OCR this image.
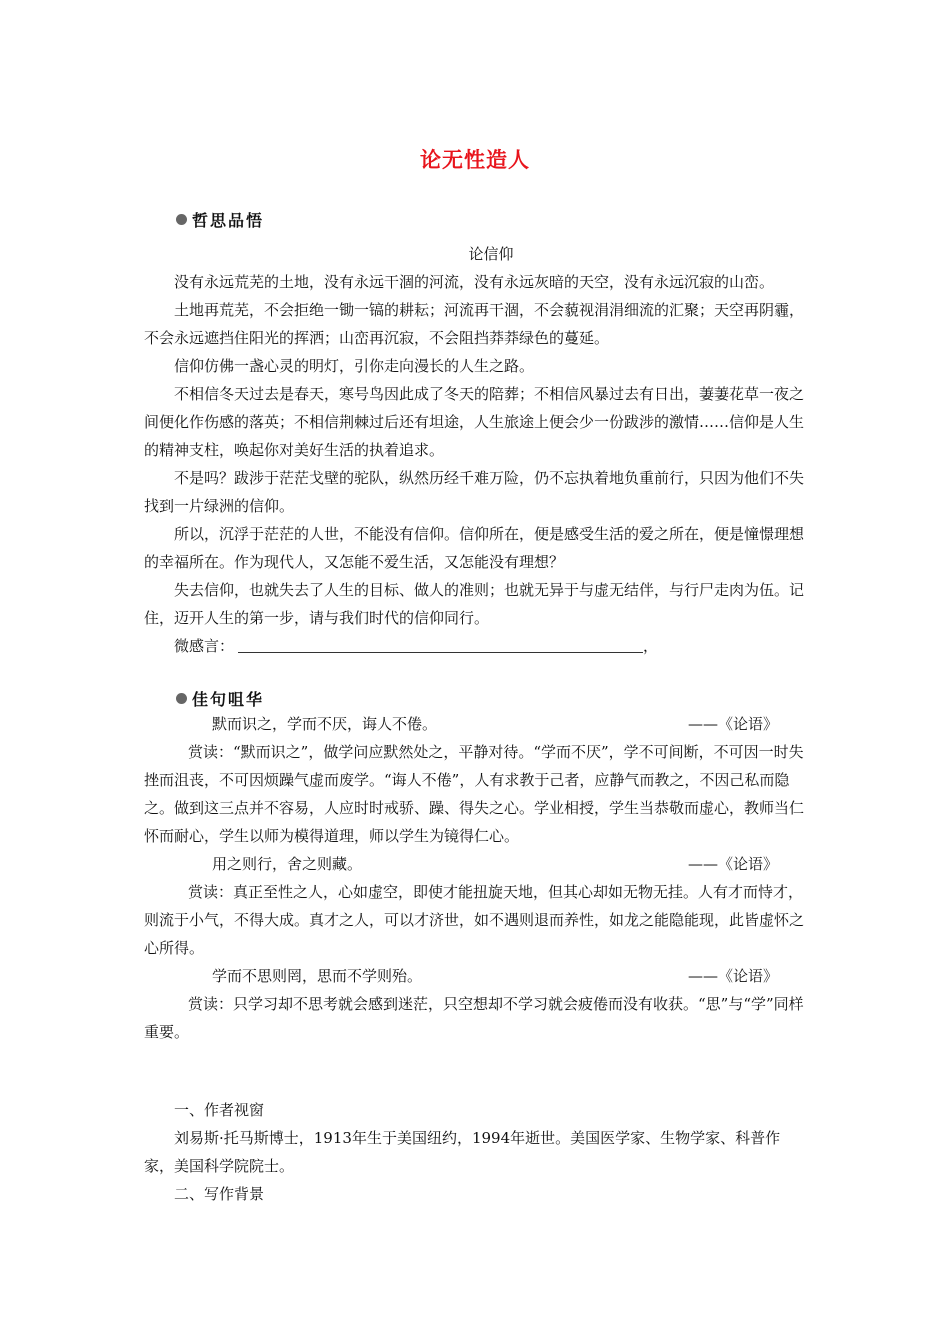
论无性造人
哲思品悟

论信仰

没有永远荒芜的土地，没有永远干涸的河流，没有永远灰暗的天空，没有永远沉寂的山峦。

土地再荒芜，不会拒绝一锄一镐的耕耘；河流再干涸，不会藐视涓涓细流的汇聚；天空再阴霾，不会永远遮挡住阳光的挥洒；山峦再沉寂，不会阻挡莽莽绿色的蔓延。

信仰仿佛一盏心灵的明灯，引你走向漫长的人生之路。

不相信冬天过去是春天，寒号鸟因此成了冬天的陪葬；不相信风暴过去有日出，萋萋花草一夜之间便化作伤感的落英；不相信荆棘过后还有坦途，人生旅途上便会少一份跋涉的激情……信仰是人生的精神支柱，唤起你对美好生活的执着追求。

不是吗？跋涉于茫茫戈壁的驼队，纵然历经千难万险，仍不忘执着地负重前行，只因为他们不失找到一片绿洲的信仰。

所以，沉浮于茫茫的人世，不能没有信仰。信仰所在，便是感受生活的爱之所在，便是憧憬理想的幸福所在。作为现代人，又怎能不爱生活，又怎能没有理想？

失去信仰，也就失去了人生的目标、做人的准则；也就无异于与虚无结伴，与行尸走肉为伍。记住，迈开人生的第一步，请与我们时代的信仰同行。

微感言：	，

佳句咀华
默而识之，学而不厌，诲人不倦。	——《论语》

赏读：“默而识之”，做学问应默然处之，平静对待。“学而不厌”，学不可间断，不可因一时失挫而沮丧，不可因烦躁气虚而废学。“诲人不倦”，人有求教于己者，应静气而教之，不因己私而隐之。做到这三点并不容易，人应时时戒骄、躁、得失之心。学业相授，学生当恭敬而虚心，教师当仁怀而耐心，学生以师为模得道理，师以学生为镜得仁心。

用之则行，舍之则藏。	——《论语》

赏读：真正至性之人，心如虚空，即使才能扭旋天地，但其心却如无物无挂。人有才而恃才，则流于小气，不得大成。真才之人，可以才济世，如不遇则退而养性，如龙之能隐能现，此皆虚怀之心所得。

学而不思则罔，思而不学则殆。	——《论语》

赏读：只学习却不思考就会感到迷茫，只空想却不学习就会疲倦而没有收获。“思”与“学”同样重要。

一、作者视窗

刘易斯·托马斯博士，1913年生于美国纽约，1994年逝世。美国医学家、生物学家、科普作家，美国科学院院士。

二、写作背景
